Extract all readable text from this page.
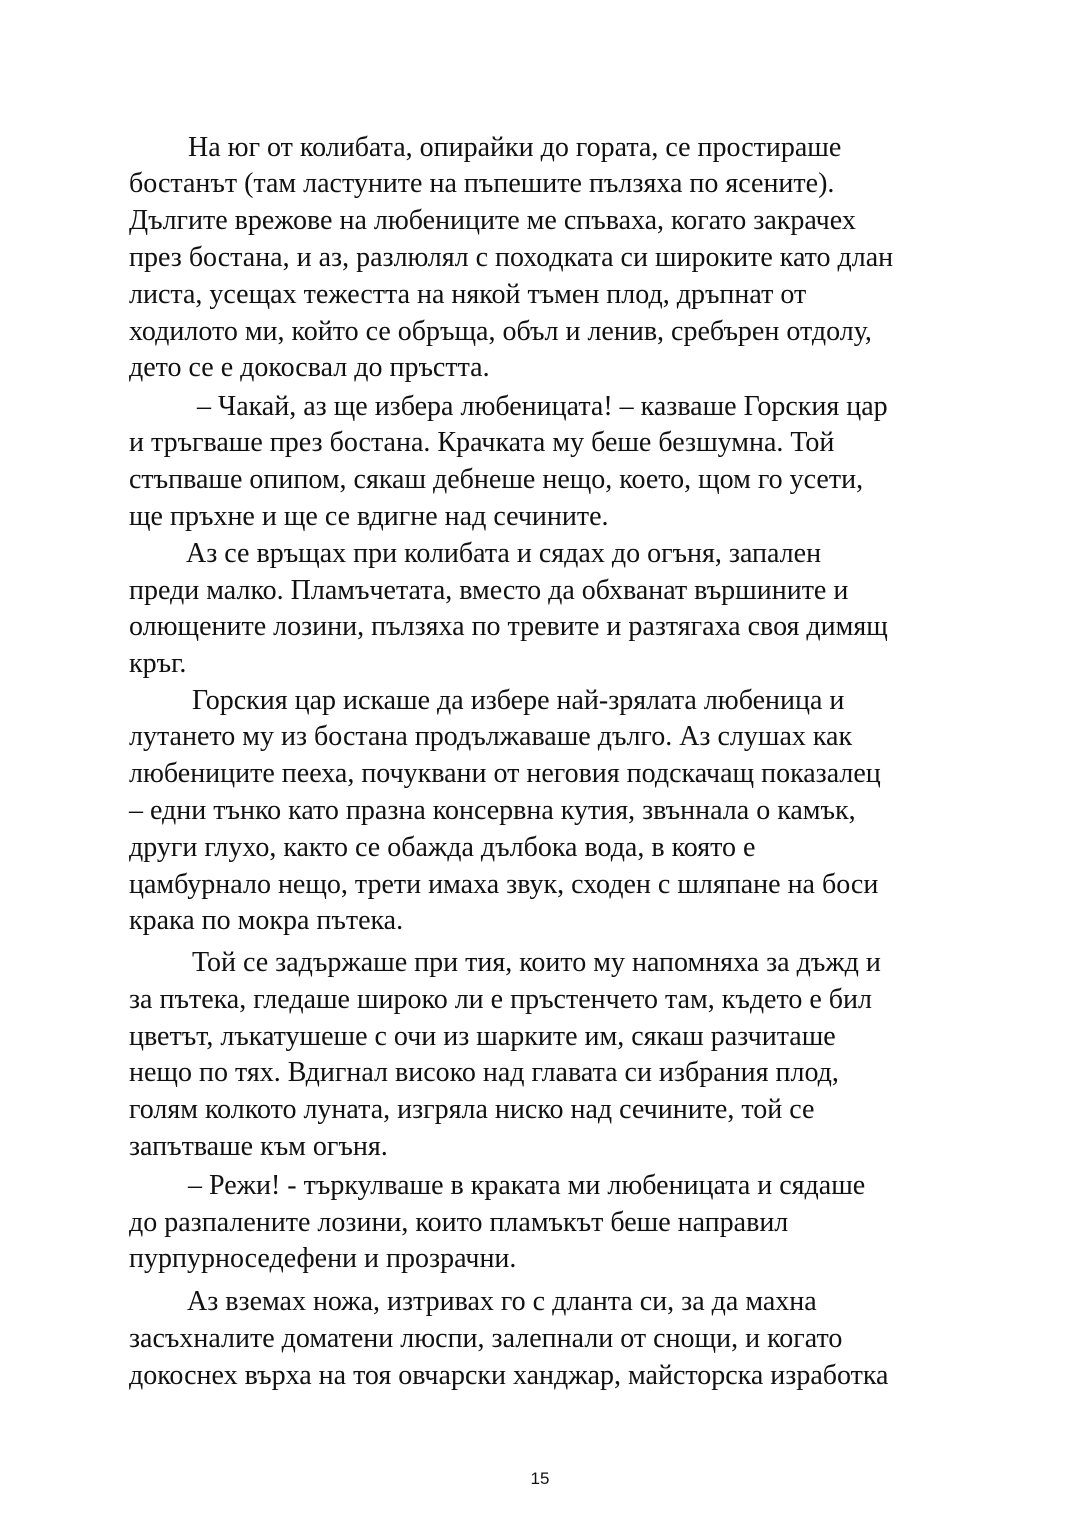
На юг от колибата, опирайки до гората, се простираше
бостанът (там ластуните на пъпешите пълзяха по ясените).
Дългите врежове на любениците ме спъваха, когато закрачех
през бостана, и аз, разлюлял с походката си широките като длан
листа, усещах тежестта на някой тъмен плод, дръпнат от
ходилото ми, който се обръща, объл и ленив, сребърен отдолу,
дето се е докосвал до пръстта.
– Чакай, аз ще избера любеницата! – казваше Горския цар
и тръгваше през бостана. Крачката му беше безшумна. Той
стъпваше опипом, сякаш дебнеше нещо, което, щом го усети,
ще пръхне и ще се вдигне над сечините.
Аз се връщах при колибата и сядах до огъня, запален
преди малко. Пламъчетата, вместо да обхванат вършините и
олющените лозини, пълзяха по тревите и разтягаха своя димящ
кръг.
Горския цар искаше да избере най-зрялата любеница и
лутането му из бостана продължаваше дълго. Аз слушах как
любениците пееха, почуквани от неговия подскачащ показалец
– едни тънко като празна консервна кутия, звъннала о камък,
други глухо, както се обажда дълбока вода, в която е
цамбурнало нещо, трети имаха звук, сходен с шляпане на боси
крака по мокра пътека.
Той се задържаше при тия, които му напомняха за дъжд и
за пътека, гледаше широко ли е пръстенчето там, където е бил
цветът, лъкатушеше с очи из шарките им, сякаш разчиташе
нещо по тях. Вдигнал високо над главата си избрания плод,
голям колкото луната, изгряла ниско над сечините, той се
запътваше към огъня.
– Режи! - търкулваше в краката ми любеницата и сядаше
до разпалените лозини, които пламъкът беше направил
пурпурноседефени и прозрачни.
Аз вземах ножа, изтривах го с дланта си, за да махна
засъхналите доматени люспи, залепнали от снощи, и когато
докоснех върха на тоя овчарски ханджар, майсторска изработка
15
